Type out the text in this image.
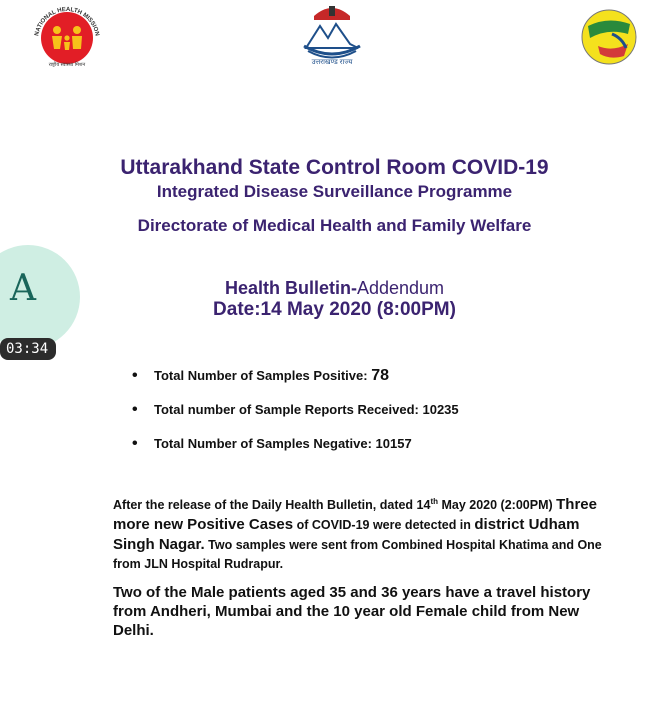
NATIONAL HEALTH MISSION
राष्ट्रीय स्वास्थ्य मिशन	उत्तराखण्ड राज्य
Uttarakhand State Control Room COVID-19
Integrated Disease Surveillance Programme
Directorate of Medical Health and Family Welfare
Health Bulletin-Addendum
Date:14 May 2020 (8:00PM)
A
03:34
• Total Number of Samples Positive: 78
• Total number of Sample Reports Received: 10235
• Total Number of Samples Negative: 10157
After the release of the Daily Health Bulletin, dated 14th May 2020 (2:00PM) Three more new Positive Cases of COVID-19 were detected in district Udham Singh Nagar. Two samples were sent from Combined Hospital Khatima and One from JLN Hospital Rudrapur.
Two of the Male patients aged 35 and 36 years have a travel history from Andheri, Mumbai and the 10 year old Female child from New Delhi.
